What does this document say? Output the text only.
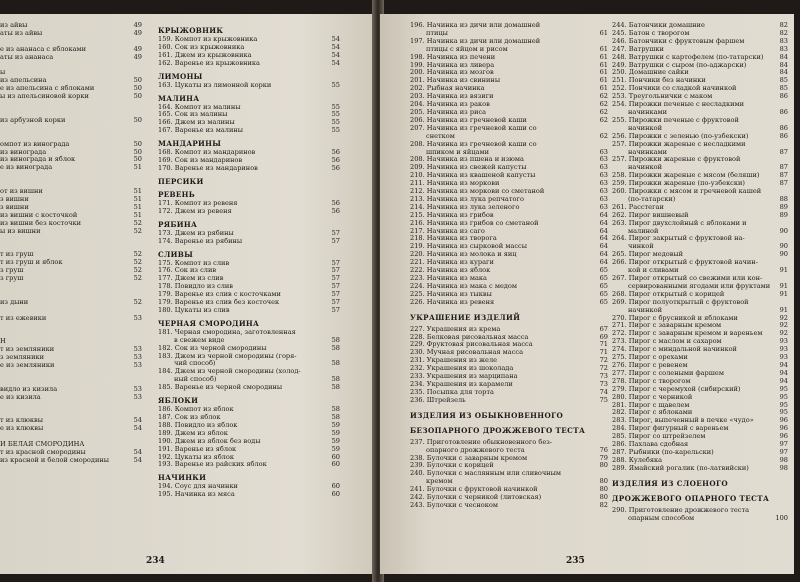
из айвы	49
аты из айвы	49
е из ананаса с яблоками	49
аты из ананаса	49
ы
из апельсина	50
е из апельсина с яблоками	50
ы из апельсиновой корки	50
из арбузной корки	50
омпот из винограда	50
из винограда	50
из винограда и яблок	50
е из винограда	51
от из вишни	51
з вишни	51
з вишни	51
из вишни с косточкой	51
из вишни без косточки	52
ы из вишни	52
т из груш	52
т из груш и яблок	52
з груш	52
з груш	52
из дыни	52
т из ежевики	53
Н
т из земляники	53
з земляники	53
е из земляники	53
видло из кизила	53
е из кизила	53
т из клюквы	54
е из клюквы	54
И БЕЛАЯ СМОРОДИНА
т из красной смородины	54
из красной и белой смородины	54
КРЫЖОВНИК
159. Компот из крыжовника	54
160. Сок из крыжовника	54
161. Джем из крыжовника	54
162. Варенье из крыжовника	54
ЛИМОНЫ
163. Цукаты из лимонной корки	55
МАЛИНА
164. Компот из малины	55
165. Сок из малины	55
166. Джем из малины	55
167. Варенье из малины	55
МАНДАРИНЫ
168. Компот из мандаринов	56
169. Сок из мандаринов	56
170. Варенье из мандаринов	56
ПЕРСИКИ
РЕВЕНЬ
171. Компот из ревеня	56
172. Джем из ревеня	56
РЯБИНА
173. Джем из рябины	57
174. Варенье из рябины	57
СЛИВЫ
175. Компот из слив	57
176. Сок из слив	57
177. Джем из слив	57
178. Повидло из слив	57
179. Варенье из слив с косточками	57
179. Варенье из слив без косточек	57
180. Цукаты из слив	57
ЧЕРНАЯ СМОРОДИНА
181. Черная смородина, заготовленная
в свежем виде	58
182. Сок из черной смородины	58
183. Джем из черной смородины (горя-
чий способ)	58
184. Джем из черной смородины (холод-
ный способ)	58
185. Варенье из черной смородины	58
ЯБЛОКИ
186. Компот из яблок	58
187. Сок из яблок	58
188. Повидло из яблок	59
189. Джем из яблок	59
190. Джем из яблок без воды	59
191. Варенье из яблок	59
192. Цукаты из яблок	60
193. Варенье из райских яблок	60
НАЧИНКИ
194. Соус для начинки	60
195. Начинка из мяса	60
234
196. Начинка из дичи или домашней
птицы	61
197. Начинка из дичи или домашней
птицы с яйцом и рисом	61
198. Начинка из печени	61
199. Начинка из ливера	61
200. Начинка из мозгов	61
201. Начинка из свинины	61
202. Рыбная начинка	61
203. Начинка из вязиги	62
204. Начинка из раков	62
205. Начинка из риса	62
206. Начинка из гречневой каши	62
207. Начинка из гречневой каши со
снетком	62
208. Начинка из гречневой каши со
шпиком и яйцами	63
208. Начинка из пшена и изюма	63
209. Начинка из свежей капусты	63
210. Начинка из квашеной капусты	63
211. Начинка из моркови	63
212. Начинка из моркови со сметаной	63
213. Начинка из лука репчатого	63
214. Начинка из лука зеленого	63
215. Начинка из грибов	64
216. Начинка из грибов со сметаной	64
217. Начинка из саго	64
218. Начинка из творога	64
219. Начинка из сырковой массы	64
220. Начинка из молока и яиц	64
221. Начинка из кураги	64
222. Начинка из яблок	65
223. Начинка из мака	65
224. Начинка из мака с медом	65
225. Начинка из тыквы	65
226. Начинка из ревеня	65
УКРАШЕНИЕ ИЗДЕЛИЙ
227. Украшения из крема	67
228. Белковая рисовальная масса	69
229. Фруктовая рисовальная масса	71
230. Мучная рисовальная масса	71
231. Украшения из желе	72
232. Украшения из шоколада	72
233. Украшения из марципана	73
234. Украшения из карамели	73
235. Посыпка для торта	74
236. Штрейзель	75
ИЗДЕЛИЯ ИЗ ОБЫКНОВЕННОГО
БЕЗОПАРНОГО ДРОЖЖЕВОГО ТЕСТА
237. Приготовление обыкновенного без-
опарного дрожжевого теста	76
238. Булочки с заварным кремом	79
239. Булочки с корицей	80
240. Булочки с маслянным или сливочным
кремом	80
241. Булочки с фруктовой начинкой	80
242. Булочки с черникой (литовская)	80
243. Булочки с чесноком	82
244. Батончики домашние	82
245. Батон с творогом	82
246. Батончики с фруктовым фаршем	83
247. Ватрушки	83
248. Ватрушки с картофелем (по-татарски) 84
249. Ватрушки с сыром (по-аджарски)	84
250. Домашние сайки	84
251. Пончики без начинки	85
252. Пончики со сладкой начинкой	85
253. Треугольнички с маком	86
254. Пирожки печеные с несладкими
начинками	86
255. Пирожки печеные с фруктовой
начинкой	86
256. Пирожки с зеленью (по-узбекски)	86
257. Пирожки жареные с несладкими
начинками	87
257. Пирожки жареные с фруктовой
начинкой	87
258. Пирожки жареные с мясом (беляши)	87
259. Пирожки жареные (по-узбекски)	87
260. Пирожки с мясом и гречневой кашей
(по-татарски)	88
261. Расстегаи	89
262. Пирог вишневый	89
263. Пирог двухслойный с яблоками и
малиной	90
264. Пирог закрытый с фруктовой на-
чинкой	90
265. Пирог медовый	90
266. Пирог открытый с фруктовой начин-
кой и сливами	91
267. Пирог открытый со свежими или кон-
сервированными ягодами или фруктами 91
268. Пирог открытый с корицей	91
269. Пирог полуоткрытый с фруктовой
начинкой	91
270. Пирог с брусникой и яблоками	92
271. Пирог с заварным кремом	92
272. Пирог с заварным кремом и вареньем	92
273. Пирог с маслом и сахаром	93
274. Пирог с миндальной начинкой	93
275. Пирог с орехами	93
276. Пирог с ревенем	94
277. Пирог с солеными фаршем	94
278. Пирог с творогом	94
279. Пирог с черемухой (сибирский)	95
280. Пирог с черникой	95
281. Пирог с щавелем	95
282. Пирог с яблоками	95
283. Пирог, выпеченный в печке «чудо»	96
284. Пирог фигурный с вареньем	96
285. Пирог со штрейзелем	96
286. Пахлава сдобная	97
287. Рыбники (по-карельски)	97
288. Кулебяка	98
289. Ямайский рогалик (по-латвийски)	98
ИЗДЕЛИЯ ИЗ СЛОЕНОГО
ДРОЖЖЕВОГО ОПАРНОГО ТЕСТА
290. Приготовление дрожжевого теста
опарным способом	100
235
